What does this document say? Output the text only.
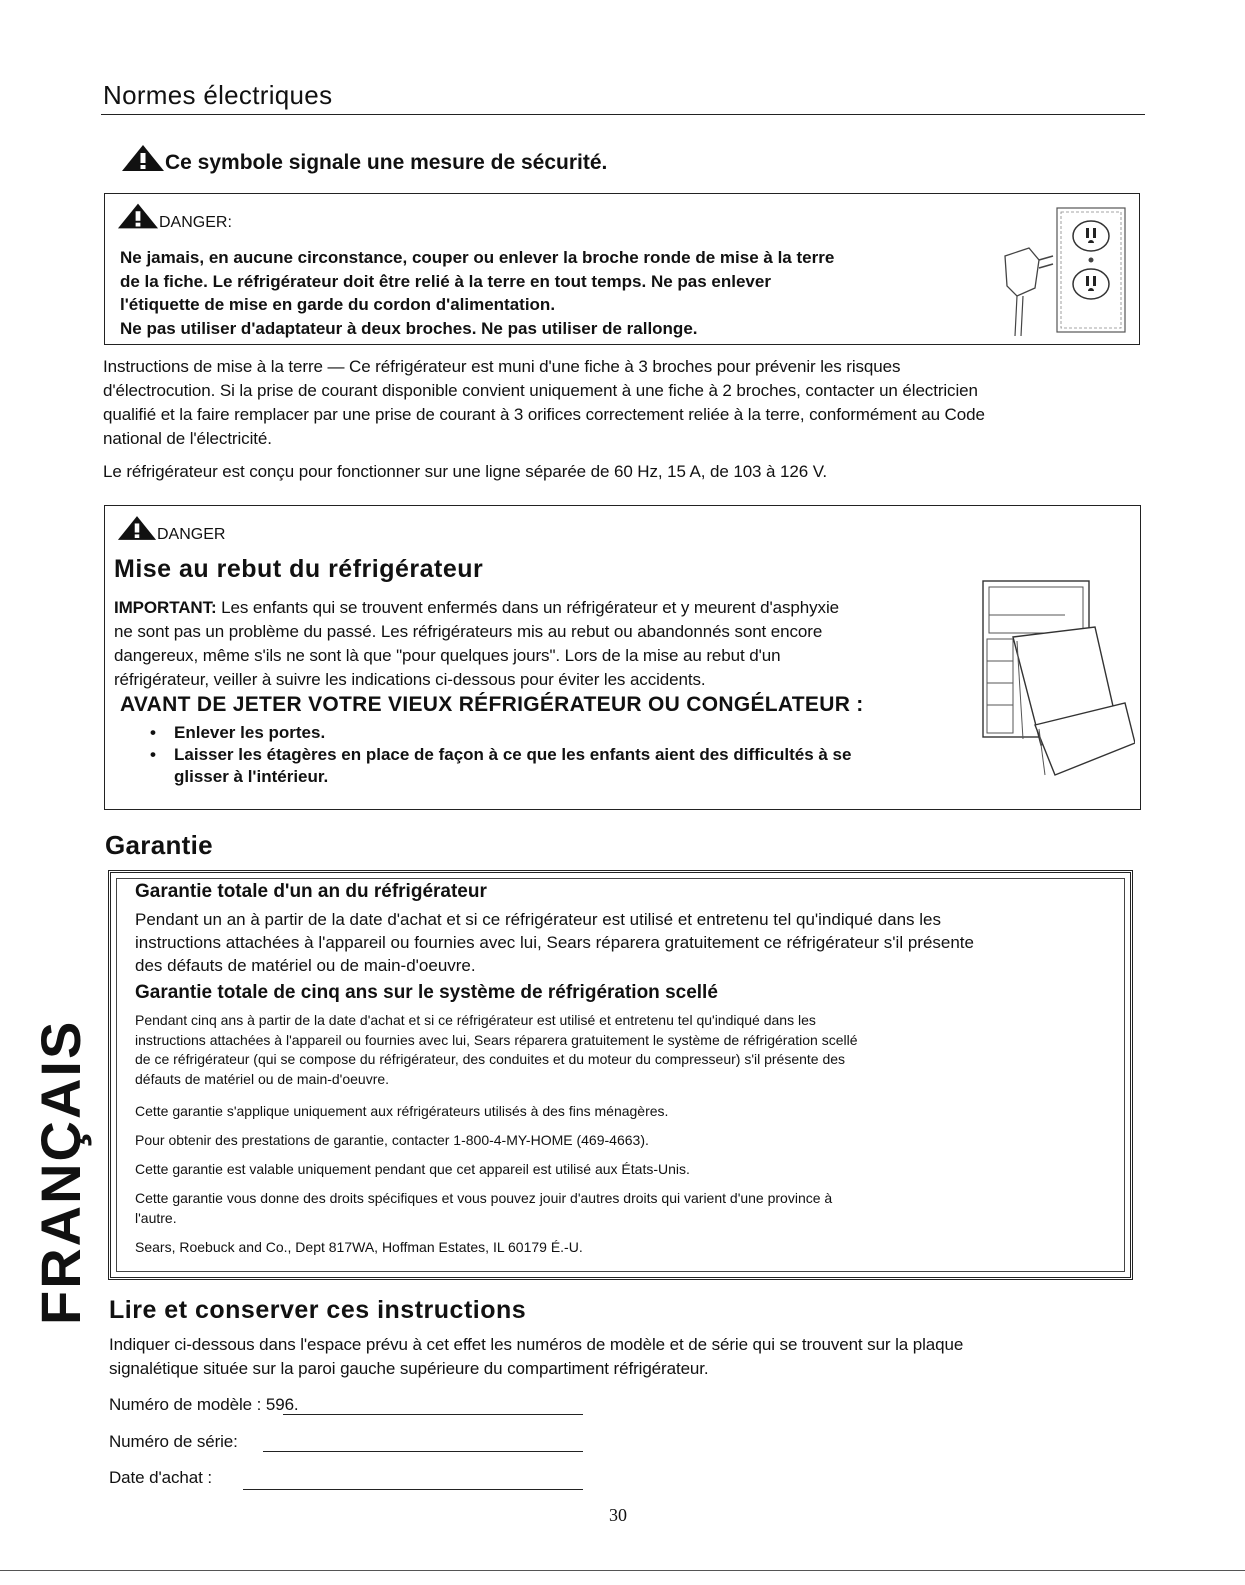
Normes électriques
Ce symbole signale une mesure de sécurité.
DANGER:
Ne jamais, en aucune circonstance, couper ou enlever la broche ronde de mise à la terre
de la fiche. Le réfrigérateur doit être relié à la terre en tout temps. Ne pas enlever
l'étiquette de mise en garde du cordon d'alimentation.
Ne pas utiliser d'adaptateur à deux broches. Ne pas utiliser de rallonge.
Instructions de mise à la terre — Ce réfrigérateur est muni d'une fiche à 3 broches pour prévenir les risques
d'électrocution. Si la prise de courant disponible convient uniquement à une fiche à 2 broches, contacter un électricien
qualifié et la faire remplacer par une prise de courant à 3 orifices correctement reliée à la terre, conformément au Code
national de l'électricité.
Le réfrigérateur est conçu pour fonctionner sur une ligne séparée de 60 Hz, 15 A, de 103 à 126 V.
DANGER
Mise au rebut du réfrigérateur
IMPORTANT: Les enfants qui se trouvent enfermés dans un réfrigérateur et y meurent d'asphyxie
ne sont pas un problème du passé. Les réfrigérateurs mis au rebut ou abandonnés sont encore
dangereux, même s'ils ne sont là que "pour quelques jours". Lors de la mise au rebut d'un
réfrigérateur, veiller à suivre les indications ci-dessous pour éviter les accidents.
AVANT DE JETER VOTRE VIEUX RÉFRIGÉRATEUR OU CONGÉLATEUR :
• Enlever les portes.
• Laisser les étagères en place de façon à ce que les enfants aient des difficultés à se
glisser à l'intérieur.
Garantie
Garantie totale d'un an du réfrigérateur
Pendant un an à partir de la date d'achat et si ce réfrigérateur est utilisé et entretenu tel qu'indiqué dans les
instructions attachées à l'appareil ou fournies avec lui, Sears réparera gratuitement ce réfrigérateur s'il présente
des défauts de matériel ou de main-d'oeuvre.
Garantie totale de cinq ans sur le système de réfrigération scellé
Pendant cinq ans à partir de la date d'achat et si ce réfrigérateur est utilisé et entretenu tel qu'indiqué dans les
instructions attachées à l'appareil ou fournies avec lui, Sears réparera gratuitement le système de réfrigération scellé
de ce réfrigérateur (qui se compose du réfrigérateur, des conduites et du moteur du compresseur) s'il présente des
défauts de matériel ou de main-d'oeuvre.
Cette garantie s'applique uniquement aux réfrigérateurs utilisés à des fins ménagères.
Pour obtenir des prestations de garantie, contacter 1-800-4-MY-HOME (469-4663).
Cette garantie est valable uniquement pendant que cet appareil est utilisé aux États-Unis.
Cette garantie vous donne des droits spécifiques et vous pouvez jouir d'autres droits qui varient d'une province à
l'autre.
Sears, Roebuck and Co., Dept 817WA, Hoffman Estates, IL 60179 É.-U.
Lire et conserver ces instructions
Indiquer ci-dessous dans l'espace prévu à cet effet les numéros de modèle et de série qui se trouvent sur la plaque
signalétique située sur la paroi gauche supérieure du compartiment réfrigérateur.
Numéro de modèle : 596.
Numéro de série:
Date d'achat :
FRANÇAIS
30
